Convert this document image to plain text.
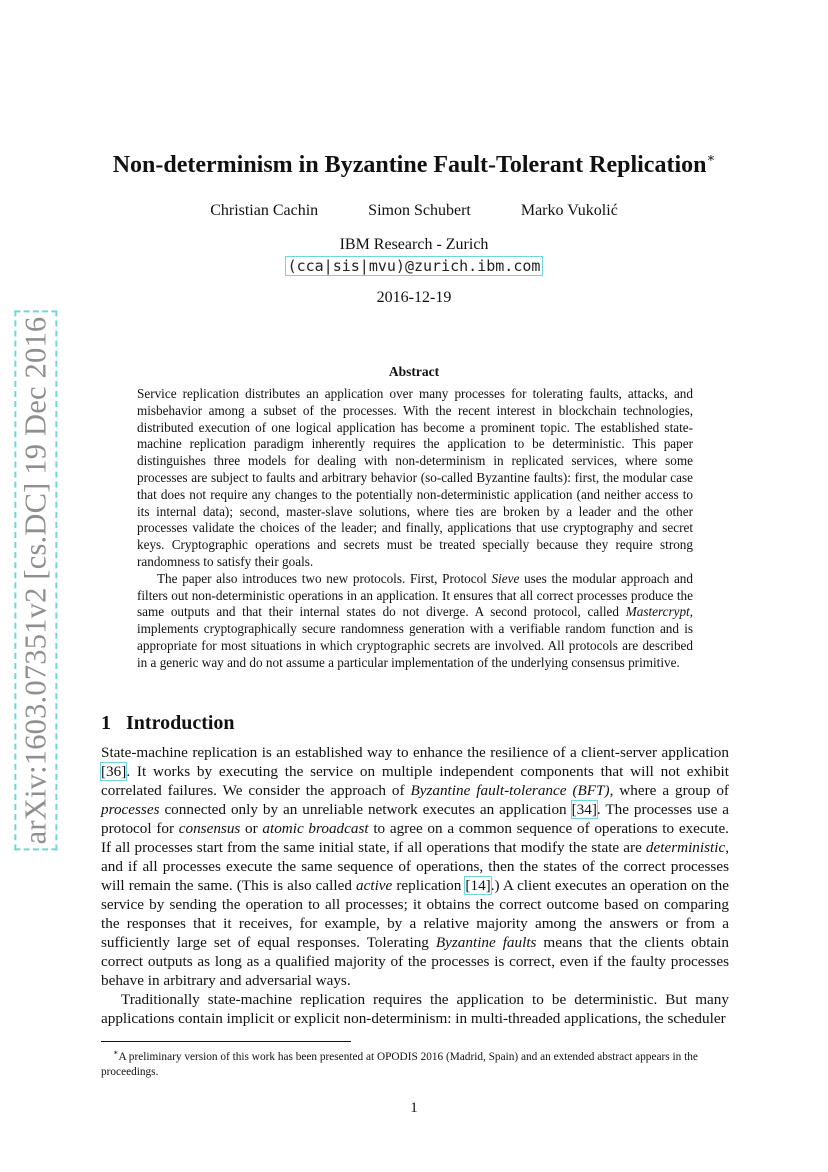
arXiv:1603.07351v2 [cs.DC] 19 Dec 2016
Non-determinism in Byzantine Fault-Tolerant Replication∗
Christian Cachin	Simon Schubert	Marko Vukolić
IBM Research - Zurich
(cca|sis|mvu)@zurich.ibm.com
2016-12-19
Abstract

Service replication distributes an application over many processes for tolerating faults, attacks, and misbehavior among a subset of the processes. With the recent interest in blockchain technologies, distributed execution of one logical application has become a prominent topic. The established state-machine replication paradigm inherently requires the application to be deterministic. This paper distinguishes three models for dealing with non-determinism in replicated services, where some processes are subject to faults and arbitrary behavior (so-called Byzantine faults): first, the modular case that does not require any changes to the potentially non-deterministic application (and neither access to its internal data); second, master-slave solutions, where ties are broken by a leader and the other processes validate the choices of the leader; and finally, applications that use cryptography and secret keys. Cryptographic operations and secrets must be treated specially because they require strong randomness to satisfy their goals.

The paper also introduces two new protocols. First, Protocol Sieve uses the modular approach and filters out non-deterministic operations in an application. It ensures that all correct processes produce the same outputs and that their internal states do not diverge. A second protocol, called Mastercrypt, implements cryptographically secure randomness generation with a verifiable random function and is appropriate for most situations in which cryptographic secrets are involved. All protocols are described in a generic way and do not assume a particular implementation of the underlying consensus primitive.

1 Introduction

State-machine replication is an established way to enhance the resilience of a client-server application [36]. It works by executing the service on multiple independent components that will not exhibit correlated failures. We consider the approach of Byzantine fault-tolerance (BFT), where a group of processes connected only by an unreliable network executes an application [34]. The processes use a protocol for consensus or atomic broadcast to agree on a common sequence of operations to execute. If all processes start from the same initial state, if all operations that modify the state are deterministic, and if all processes execute the same sequence of operations, then the states of the correct processes will remain the same. (This is also called active replication [14].) A client executes an operation on the service by sending the operation to all processes; it obtains the correct outcome based on comparing the responses that it receives, for example, by a relative majority among the answers or from a sufficiently large set of equal responses. Tolerating Byzantine faults means that the clients obtain correct outputs as long as a qualified majority of the processes is correct, even if the faulty processes behave in arbitrary and adversarial ways.

Traditionally state-machine replication requires the application to be deterministic. But many applications contain implicit or explicit non-determinism: in multi-threaded applications, the scheduler

∗A preliminary version of this work has been presented at OPODIS 2016 (Madrid, Spain) and an extended abstract appears in the proceedings.

1
